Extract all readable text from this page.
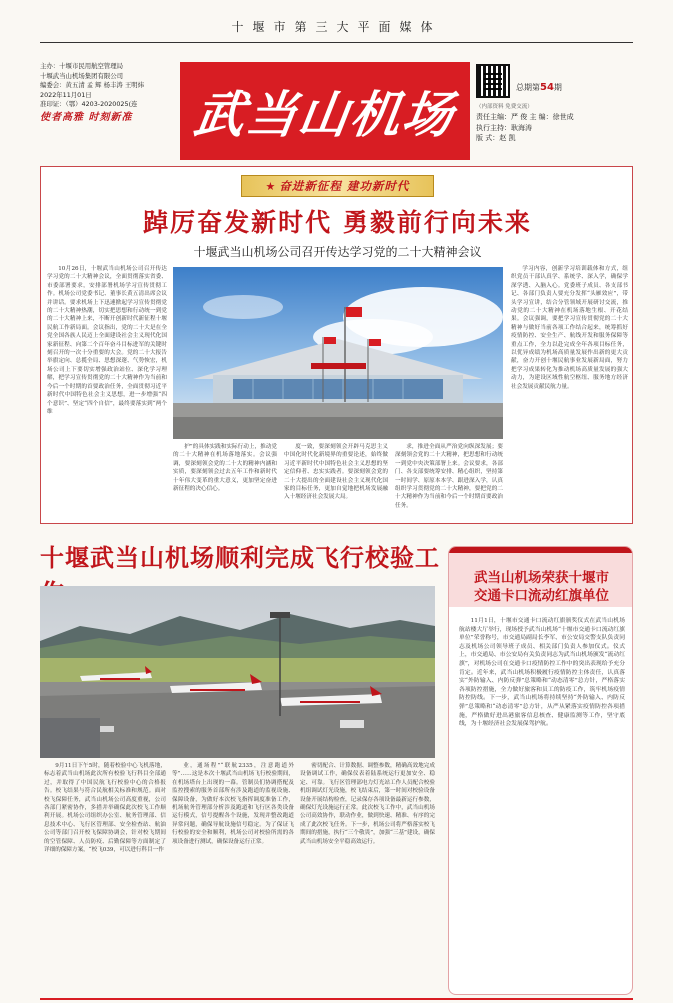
十堰市第三大平面媒体
主办：十堰市民用航空管理局
十堰武当山机场集团有限公司
编委会：黄五清 孟 辉 杨丰涛 王明炜
2022年11月01日
准印证：（鄂）4203-2020025(连
使者高雅 时刻新准	武当山机场	总期第54期
（内部资料 免费交流）
责任主编：严 俊 主 编：徐世成
执行主持：耿海涛
版 式：赵 凯
★ 奋进新征程 建功新时代
踔厉奋发新时代 勇毅前行向未来
十堰武当山机场公司召开传达学习党的二十大精神会议

10月26日，十堰武当山机场公司召开传达学习党的二十大精神会议，全面贯彻落实省委、市委部署要求，安排部署机场学习宣传贯彻工作。机场公司党委书记、董事长黄五清出席会议并讲话。要求机场上下迅速掀起学习宣传贯彻党的二十大精神热潮，切实把思想和行动统一到党的二十大精神上来，不断开创新时代新征程十堰民航工作新局面。会议指出，党的二十大是在全党全国各族人民迈上全面建设社会主义现代化国家新征程、向第二个百年奋斗目标进军的关键时刻召开的一次十分重要的大会。党的二十大报告举旗定向、总揽全局、思想深邃、气势恢宏，机场公司上下要切实增强政治站位、深化学习理解，把学习宣传贯彻党的二十大精神作为当前和今后一个时期的首要政治任务，全面贯彻习近平新时代中国特色社会主义思想，进一步增强“四个意识”、坚定“四个自信”，最终要落实到“两个维

护”的具体实践和实际行动上，推动党的二十大精神在机场落地落实。会议强调，要深刻领会党的二十大的精神内涵和实质，要深刻领会过去五年工作和新时代十年伟大变革的重大意义，更加坚定奋进新征程的决心信心。

度一致，要深刻领会开辟马克思主义中国化时代化新境界的重要论述，始终做习近平新时代中国特色社会主义思想的坚定信仰者、忠实实践者。要深刻领会党的二十大提出的全面建设社会主义现代化国家的目标任务，更加自觉地把机场发展融入十堰经济社会发展大局。

求，推进全面从严治党向纵深发展；要深刻领会党的二十大精神，把思想和行动统一到党中央决策部署上来。会议要求，各部门、各支部要统筹安排、精心组织，坚持第一时间学、原原本本学、跟进深入学，认真组织学习贯彻党的二十大精神，要把党的二十大精神作为当前和今后一个时期首要政治任务。

学习内容，创新学习培训载体和方式，组织党员干部认真学、系统学、深入学，确保学深学透、入脑入心。党委班子成员、各支部书记、各部门负责人要充分发挥“头雁效应”，带头学习宣讲，结合分管领域开展研讨交流，推动党的二十大精神在机场落地生根、开花结果。会议强调，要把学习宣传贯彻党的二十大精神与做好当前各项工作结合起来，统筹抓好疫情防控、安全生产、航线开发和服务保障等重点工作，全力以赴完成全年各项目标任务，以优异成绩为机场高质量发展作出新的更大贡献，奋力开创十堰民航事业发展新局面，努力把学习成果转化为推动机场高质量发展的强大动力，为建设区域性航空枢纽、服务地方经济社会发展贡献民航力量。

十堰武当山机场顺利完成飞行校验工

9月11日下午5时，随着校验中心飞机落地，标志着武当山机场此次所有校验飞行科目全部通过，并取得了中国民航飞行校验中心的合格报告。校飞结果与符合民航相关标准和规范。面对校飞保障任务，武当山机场公司高度重视，公司各部门紧密协作，多措并举确保此次校飞工作顺利开展。机场公司组织办公室、航务管理部、信息技术中心、飞行区管理部、安全检查站、航油公司等部门召开校飞保障协调会，针对校飞期间的空管保障、人员防疫、后勤保障等方面制定了详细的保障方案，“校飞039，可以进行科目一作

业，通场程”“联航2335，注意跑道外等”……这是本次十堰武当山机场飞行校验期间，在机场塔台上出现的一幕。管制员们协调搭配及监控搜索的服务首部所有涉及跑道的监视设施、保障设备，为做好本次校飞指挥调度准备工作，机场航务管理部分析涉及跑道和飞行区各类设备运行模式，信号提醒各个设施，发现并整改跑道异常问题，确保导航设施信号稳定。为了保证飞行校验的安全和顺利，机场公司对校验所需的各项设备进行测试，确保设备运行正常。

密切配合、计算数据、调整参数，精确高效地完成设备调试工作，确保仪表着陆系统运行更加安全、稳定、可靠。飞行区管理部电力灯光站工作人员配合校验机组调试灯光设施，校飞结束后，第一时间对校验设备设备开展结构检查，记录保存各项设备最新运行参数，确保灯光设施运行正常。此次校飞工作中，武当山机场公司高效协作，联动作业，做到快速、精准、有序的完成了此次校飞任务。下一步，机场公司将严格落实校飞期间的措施，执行“三个敬畏”，加强“三基”建设，确保武当山机场安全平稳高效运行。

武当山机场荣获十堰市
交通卡口流动红旗单位

11月1日，十堰市交通卡口流动红旗颁奖仪式在武当山机场航站楼大厅举行，现场授予武当山机场“十堰市交通卡口流动红旗单位”荣誉称号，市交通局副局长李军、市公安局交警支队负责同志及机场公司领导班子成员、相关部门负责人参加仪式。仪式上，市交通局、市公安局有关负责同志为武当山机场颁发“流动红旗”，对机场公司在交通卡口疫情防控工作中的突出表现给予充分肯定。近年来，武当山机场积极履行疫情防控主体责任，认真落实“外防输入、内防反弹”总策略和“动态清零”总方针，严格落实各项防控措施，全力做好旅客和员工的防疫工作，筑牢机场疫情防控防线。下一步，武当山机场将持续坚持“外防输入、内防反弹”总策略和“动态清零”总方针，从严从紧落实疫情防控各项措施，严格做好进出港旅客信息核查、健康监测等工作，坚守底线，为十堰经济社会发展保驾护航。
